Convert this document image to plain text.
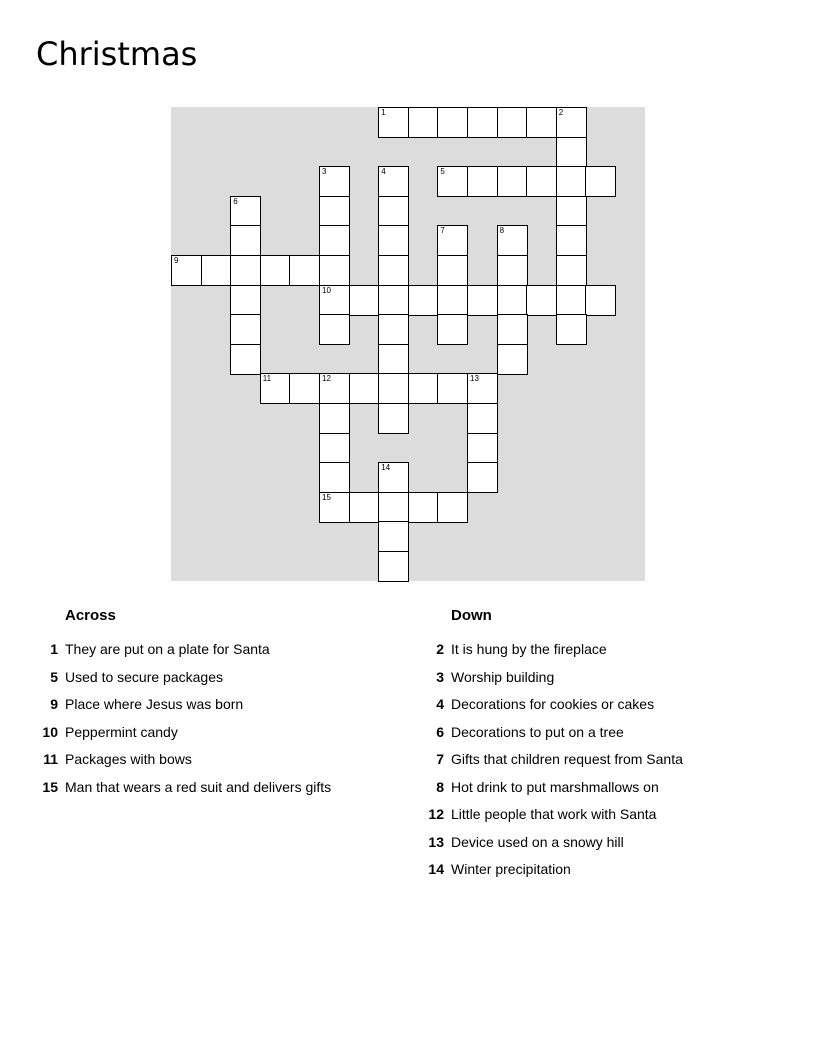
Christmas
1	2
3	4	5
6
7	8
9
10
11	12	13
14
15
Across
1 They are put on a plate for Santa
5 Used to secure packages
9 Place where Jesus was born
10 Peppermint candy
11 Packages with bows
15 Man that wears a red suit and delivers gifts
Down
2 It is hung by the fireplace
3 Worship building
4 Decorations for cookies or cakes
6 Decorations to put on a tree
7 Gifts that children request from Santa
8 Hot drink to put marshmallows on
12 Little people that work with Santa
13 Device used on a snowy hill
14 Winter precipitation
